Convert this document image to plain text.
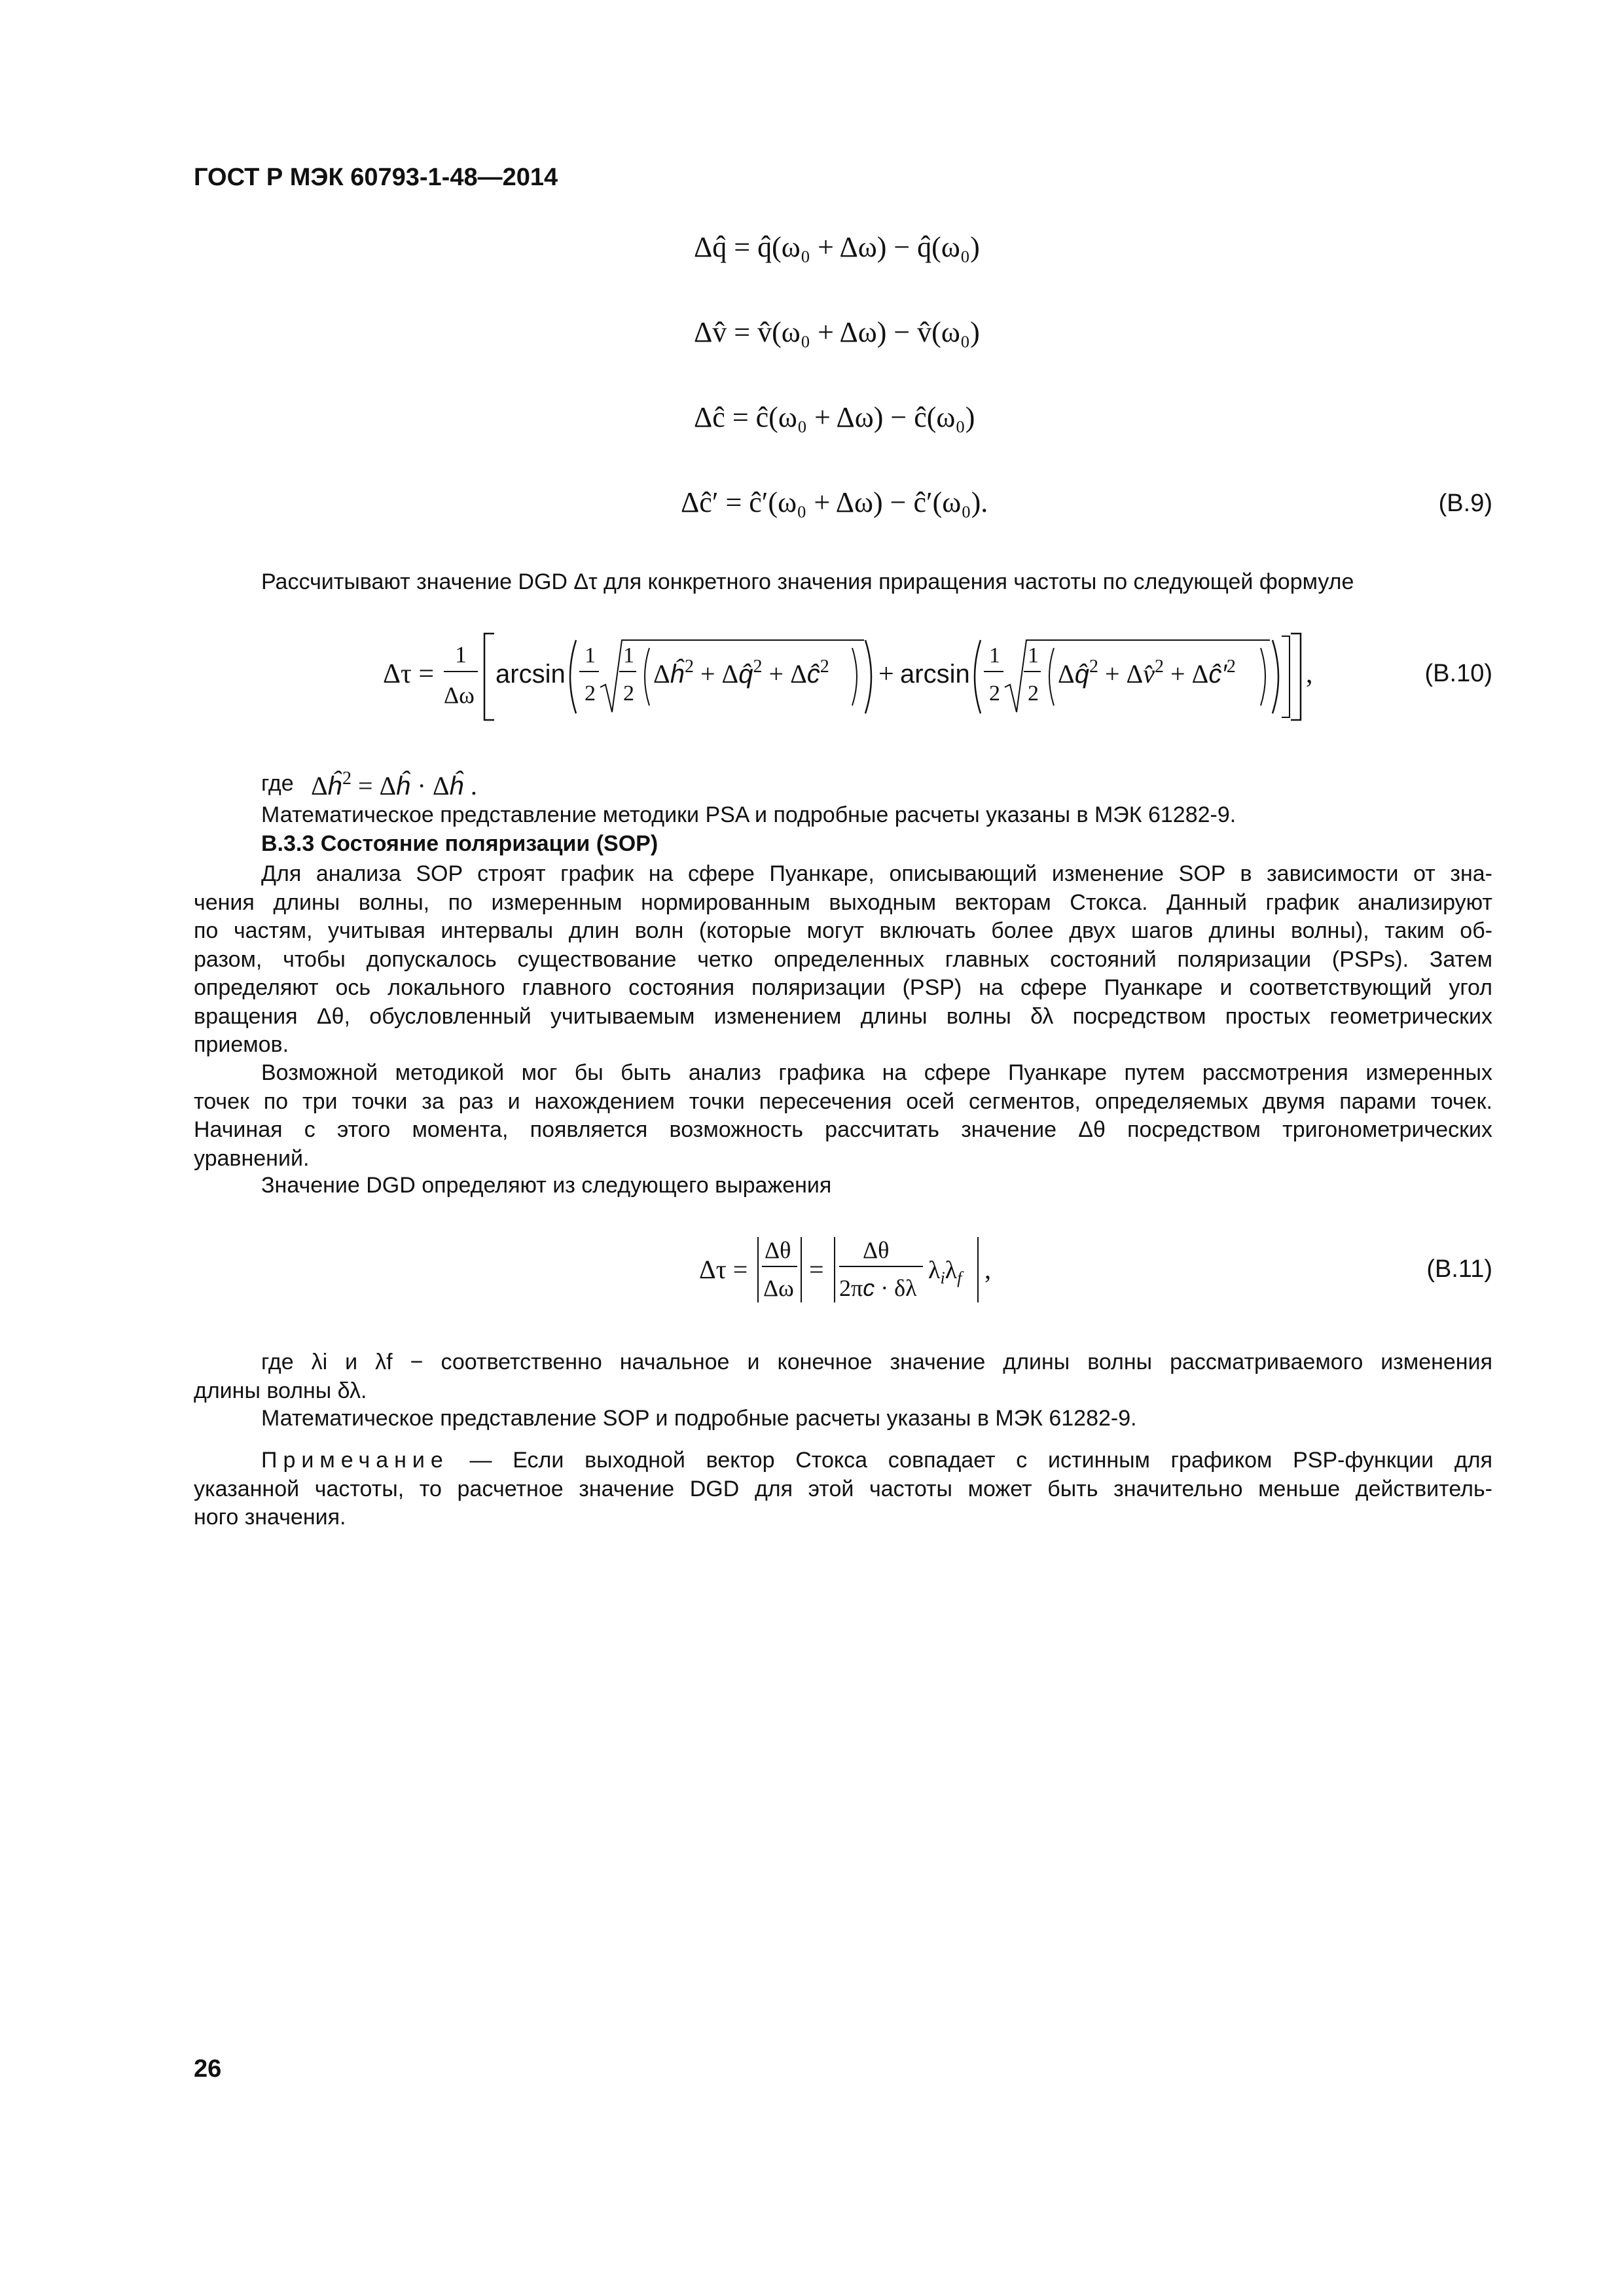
ГОСТ Р МЭК 60793-1-48—2014
Δq̂ = q̂(ω₀ + Δω) − q̂(ω₀)
Δv̂ = v̂(ω₀ + Δω) − v̂(ω₀)
Δĉ = ĉ(ω₀ + Δω) − ĉ(ω₀)
Δĉ′ = ĉ′(ω₀ + Δω) − ĉ′(ω₀).	(B.9)
Рассчитывают значение DGD Δτ для конкретного значения приращения частоты по следующей формуле
Δτ =
1
Δω
arcsin
1
2
1
2
$\Delta ĥ^2$ + Δq̂$^2$ + $\Delta ĉ^2 + \arcsin$
1
2
1
2
Δq̂$^2$ + Δv̂$^2$ + $\Delta ĉ'^2$	,	(B.10)
где $\Delta ĥ^2$ = Δĥ · Δĥ .
Математическое представление методики PSA и подробные расчеты указаны в МЭК 61282-9.
B.3.3 Состояние поляризации (SOP)
Для анализа SOP строят график на сфере Пуанкаре, описывающий изменение SOP в зависимости от зна-
чения длины волны, по измеренным нормированным выходным векторам Стокса. Данный график анализируют
по частям, учитывая интервалы длин волн (которые могут включать более двух шагов длины волны), таким об-
разом, чтобы допускалось существование четко определенных главных состояний поляризации (PSPs). Затем
определяют ось локального главного состояния поляризации (PSP) на сфере Пуанкаре и соответствующий угол
вращения Δθ, обусловленный учитываемым изменением длины волны δλ посредством простых геометрических
приемов.
Возможной методикой мог бы быть анализ графика на сфере Пуанкаре путем рассмотрения измеренных
точек по три точки за раз и нахождением точки пересечения осей сегментов, определяемых двумя парами точек.
Начиная с этого момента, появляется возможность рассчитать значение Δθ посредством тригонометрических
уравнений.
Значение DGD определяют из следующего выражения
Δτ =
Δθ
Δω
=
Δθ
2πc · δλ
$\lambda_i\lambda_f$ ,	(B.11)
где λi и λf − соответственно начальное и конечное значение длины волны рассматриваемого изменения
длины волны δλ.
Математическое представление SOP и подробные расчеты указаны в МЭК 61282-9.
Примечание — Если выходной вектор Стокса совпадает с истинным графиком PSP-функции для
указанной частоты, то расчетное значение DGD для этой частоты может быть значительно меньше действитель-
ного значения.
26
